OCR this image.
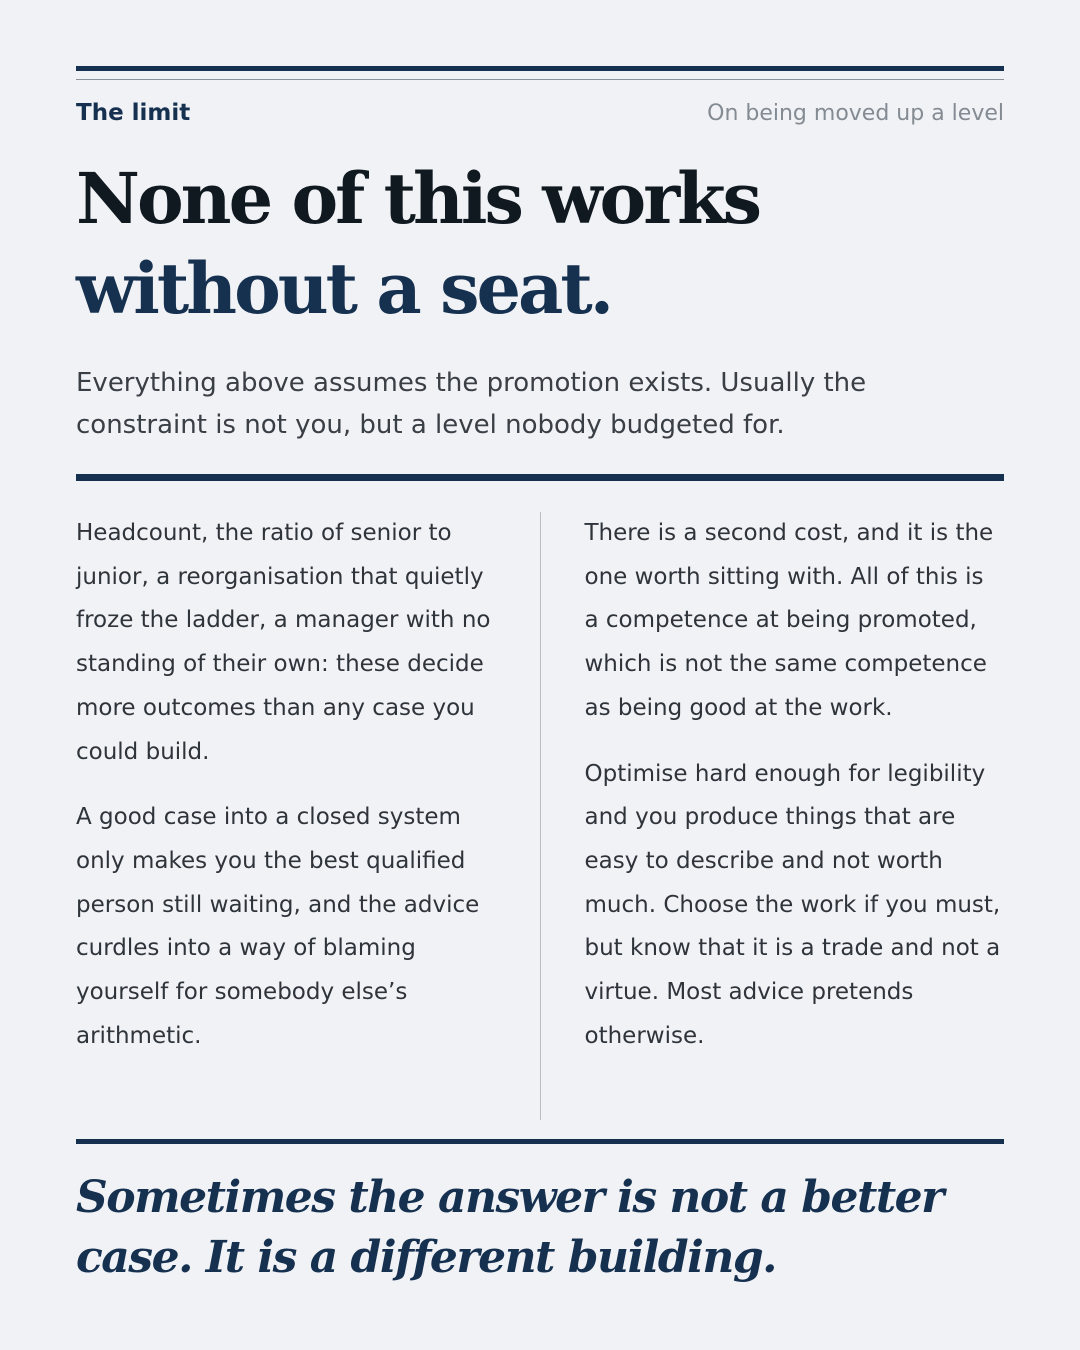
The limit	On being moved up a level
None of this works
without a seat.
Everything above assumes the promotion exists. Usually the constraint is not you, but a level nobody budgeted for.

Headcount, the ratio of senior to junior, a reorganisation that quietly froze the ladder, a manager with no standing of their own: these decide more outcomes than any case you could build.

A good case into a closed system only makes you the best qualified person still waiting, and the advice curdles into a way of blaming yourself for somebody else’s arithmetic.

There is a second cost, and it is the one worth sitting with. All of this is a competence at being promoted, which is not the same competence as being good at the work.

Optimise hard enough for legibility and you produce things that are easy to describe and not worth much. Choose the work if you must, but know that it is a trade and not a virtue. Most advice pretends otherwise.

Sometimes the answer is not a better case. It is a different building.
